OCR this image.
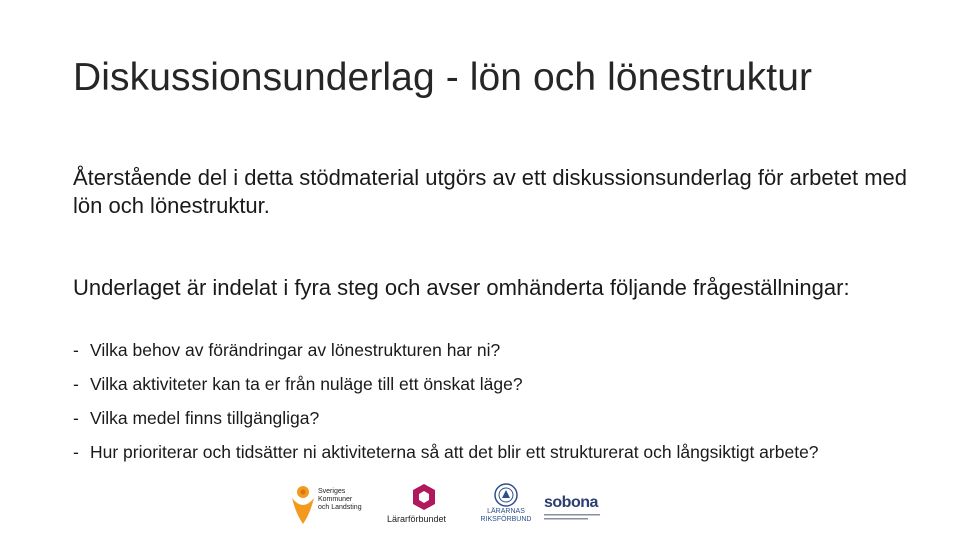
Diskussionsunderlag - lön och lönestruktur
Återstående del i detta stödmaterial utgörs av ett diskussionsunderlag för arbetet med lön och lönestruktur.
Underlaget är indelat i fyra steg och avser omhänderta följande frågeställningar:
- Vilka behov av förändringar av lönestrukturen har ni?
- Vilka aktiviteter kan ta er från nuläge till ett önskat läge?
- Vilka medel finns tillgängliga?
- Hur prioriterar och tidsätter ni aktiviteterna så att det blir ett strukturerat och långsiktigt arbete?
Sveriges
Kommuner
och Landsting
Lärarförbundet
LÄRARNAS
RIKSFÖRBUND
sobona
